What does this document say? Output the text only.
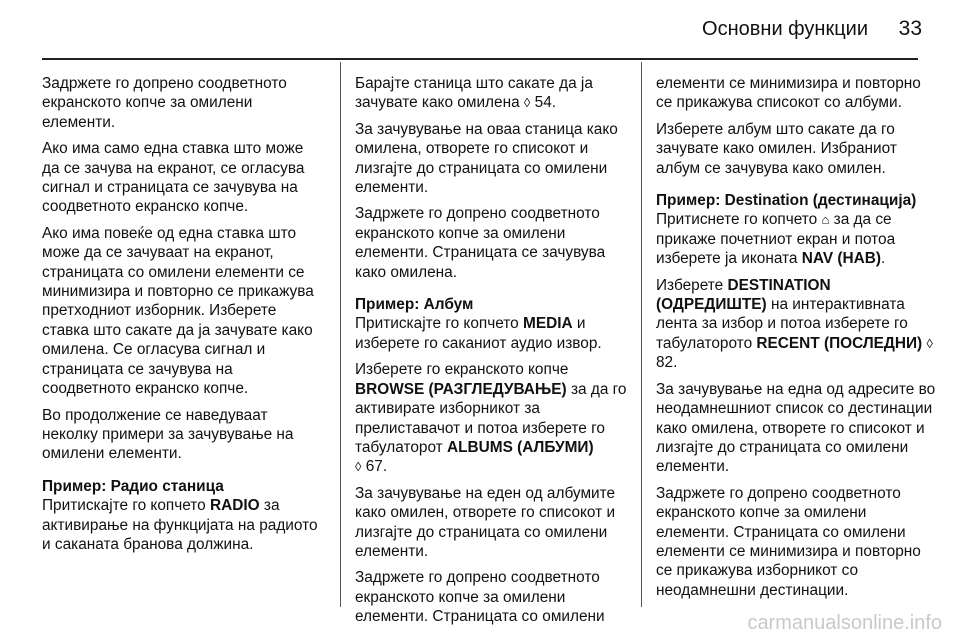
Основни функции 33

Задржете го допрено соодветното екранското копче за омилени елементи.

Ако има само една ставка што може да се зачува на екранот, се огласува сигнал и страницата се зачувува на соодветното екранско копче.

Ако има повеќе од една ставка што може да се зачуваат на екранот, страницата со омилени елементи се минимизира и повторно се прикажува претходниот изборник. Изберете ставка што сакате да ја зачувате како омилена. Се огласува сигнал и страницата се зачувува на соодветното екранско копче.

Во продолжение се наведуваат неколку примери за зачувување на омилени елементи.

Пример: Радио станица
Притискајте го копчето RADIO за активирање на функцијата на радиото и саканата бранова должина.

Барајте станица што сакате да ја зачувате како омилена ◊ 54.

За зачувување на оваа станица како омилена, отворете го списокот и лизгајте до страницата со омилени елементи.

Задржете го допрено соодветното екранското копче за омилени елементи. Страницата се зачувува како омилена.

Пример: Албум
Притискајте го копчето MEDIA и изберете го саканиот аудио извор.

Изберете го екранското копче BROWSE (РАЗГЛЕДУВАЊЕ) за да го активирате изборникот за прелиставачот и потоа изберете го табулаторот ALBUMS (АЛБУМИ)
◊ 67.

За зачувување на еден од албумите како омилен, отворете го списокот и лизгајте до страницата со омилени елементи.

Задржете го допрено соодветното екранското копче за омилени елементи. Страницата со омилени

елементи се минимизира и повторно се прикажува списокот со албуми.

Изберете албум што сакате да го зачувате како омилен. Избраниот албум се зачувува како омилен.

Пример: Destination (дестинација)
Притиснете го копчето ⌂ за да се прикаже почетниот екран и потоа изберете ја иконата NAV (НАВ).

Изберете DESTINATION (ОДРЕДИШТЕ) на интерактивната лента за избор и потоа изберете го табулаторото RECENT (ПОСЛЕДНИ) ◊ 82.

За зачувување на една од адресите во неодамнешниот список со дестинации како омилена, отворете го списокот и лизгајте до страницата со омилени елементи.

Задржете го допрено соодветното екранското копче за омилени елементи. Страницата со омилени елементи се минимизира и повторно се прикажува изборникот со неодамнешни дестинации.

carmanualsonline.info
